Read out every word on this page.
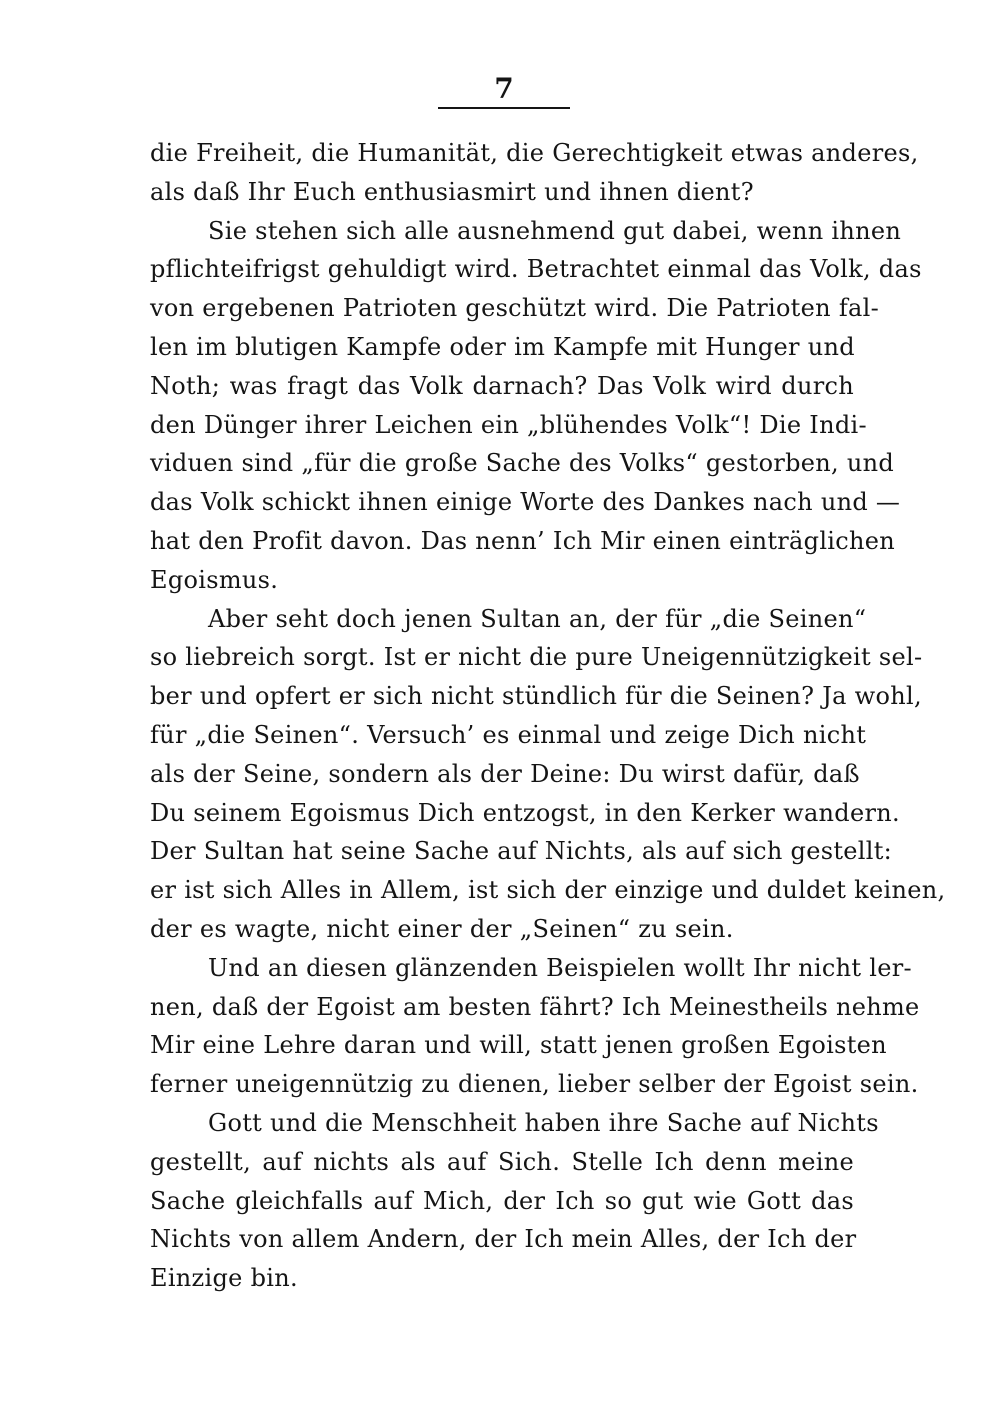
7
die Freiheit, die Humanität, die Gerechtigkeit etwas anderes,
als daß Ihr Euch enthusiasmirt und ihnen dient?
Sie stehen sich alle ausnehmend gut dabei, wenn ihnen
pflichteifrigst gehuldigt wird. Betrachtet einmal das Volk, das
von ergebenen Patrioten geschützt wird. Die Patrioten fal-
len im blutigen Kampfe oder im Kampfe mit Hunger und
Noth; was fragt das Volk darnach? Das Volk wird durch
den Dünger ihrer Leichen ein „blühendes Volk“! Die Indi-
viduen sind „für die große Sache des Volks“ gestorben, und
das Volk schickt ihnen einige Worte des Dankes nach und —
hat den Profit davon. Das nenn’ Ich Mir einen einträglichen
Egoismus.
Aber seht doch jenen Sultan an, der für „die Seinen“
so liebreich sorgt. Ist er nicht die pure Uneigennützigkeit sel-
ber und opfert er sich nicht stündlich für die Seinen? Ja wohl,
für „die Seinen“. Versuch’ es einmal und zeige Dich nicht
als der Seine, sondern als der Deine: Du wirst dafür, daß
Du seinem Egoismus Dich entzogst, in den Kerker wandern.
Der Sultan hat seine Sache auf Nichts, als auf sich gestellt:
er ist sich Alles in Allem, ist sich der einzige und duldet keinen,
der es wagte, nicht einer der „Seinen“ zu sein.
Und an diesen glänzenden Beispielen wollt Ihr nicht ler-
nen, daß der Egoist am besten fährt? Ich Meinestheils nehme
Mir eine Lehre daran und will, statt jenen großen Egoisten
ferner uneigennützig zu dienen, lieber selber der Egoist sein.
Gott und die Menschheit haben ihre Sache auf Nichts
gestellt, auf nichts als auf Sich. Stelle Ich denn meine
Sache gleichfalls auf Mich, der Ich so gut wie Gott das
Nichts von allem Andern, der Ich mein Alles, der Ich der
Einzige bin.
